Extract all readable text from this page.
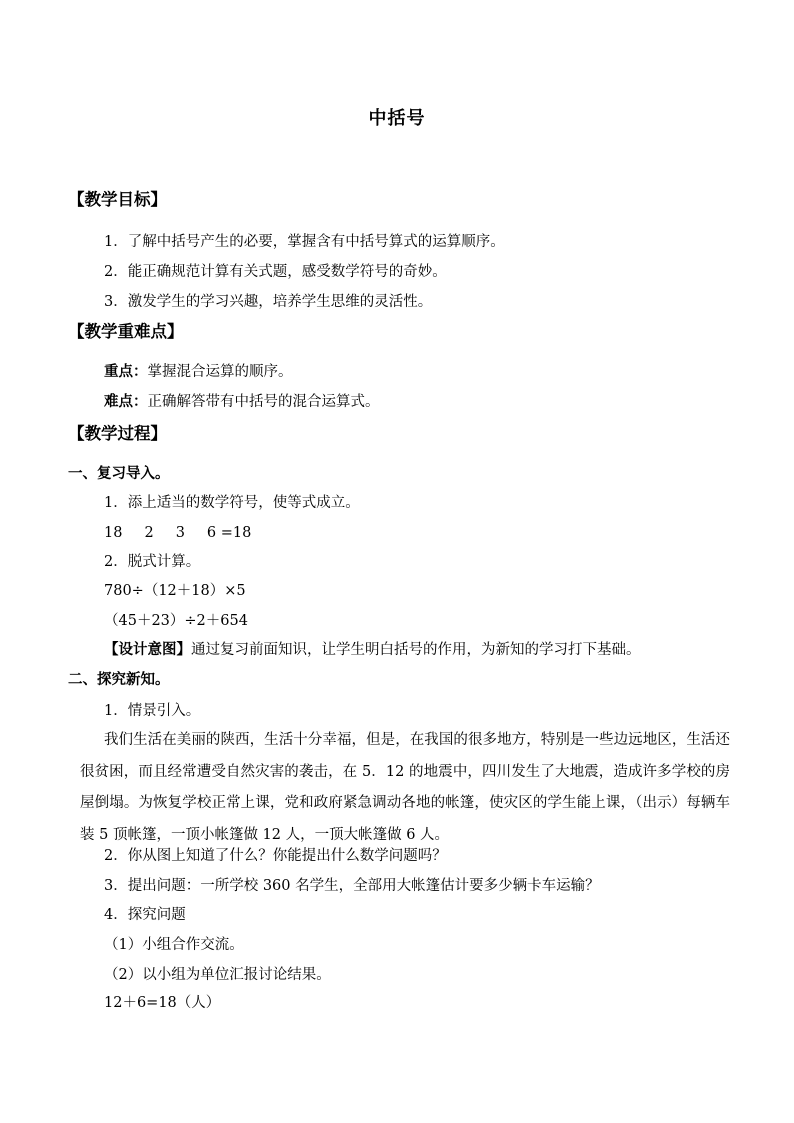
中括号
【教学目标】
1．了解中括号产生的必要，掌握含有中括号算式的运算顺序。
2．能正确规范计算有关式题，感受数学符号的奇妙。
3．激发学生的学习兴趣，培养学生思维的灵活性。
【教学重难点】
重点：掌握混合运算的顺序。
难点：正确解答带有中括号的混合运算式。
【教学过程】
一、复习导入。
1．添上适当的数学符号，使等式成立。
18 2 3 6 =18
2．脱式计算。
780÷（12＋18）×5
（45＋23）÷2＋654
【设计意图】通过复习前面知识，让学生明白括号的作用，为新知的学习打下基础。
二、探究新知。
1．情景引入。
我们生活在美丽的陕西，生活十分幸福，但是，在我国的很多地方，特别是一些边远地区，生活还很贫困，而且经常遭受自然灾害的袭击，在 5．12 的地震中，四川发生了大地震，造成许多学校的房屋倒塌。为恢复学校正常上课，党和政府紧急调动各地的帐篷，使灾区的学生能上课，（出示）每辆车装 5 顶帐篷，一顶小帐篷做 12 人，一顶大帐篷做 6 人。
2．你从图上知道了什么？你能提出什么数学问题吗？
3．提出问题：一所学校 360 名学生，全部用大帐篷估计要多少辆卡车运输？
4．探究问题
（1）小组合作交流。
（2）以小组为单位汇报讨论结果。
12＋6=18（人）
